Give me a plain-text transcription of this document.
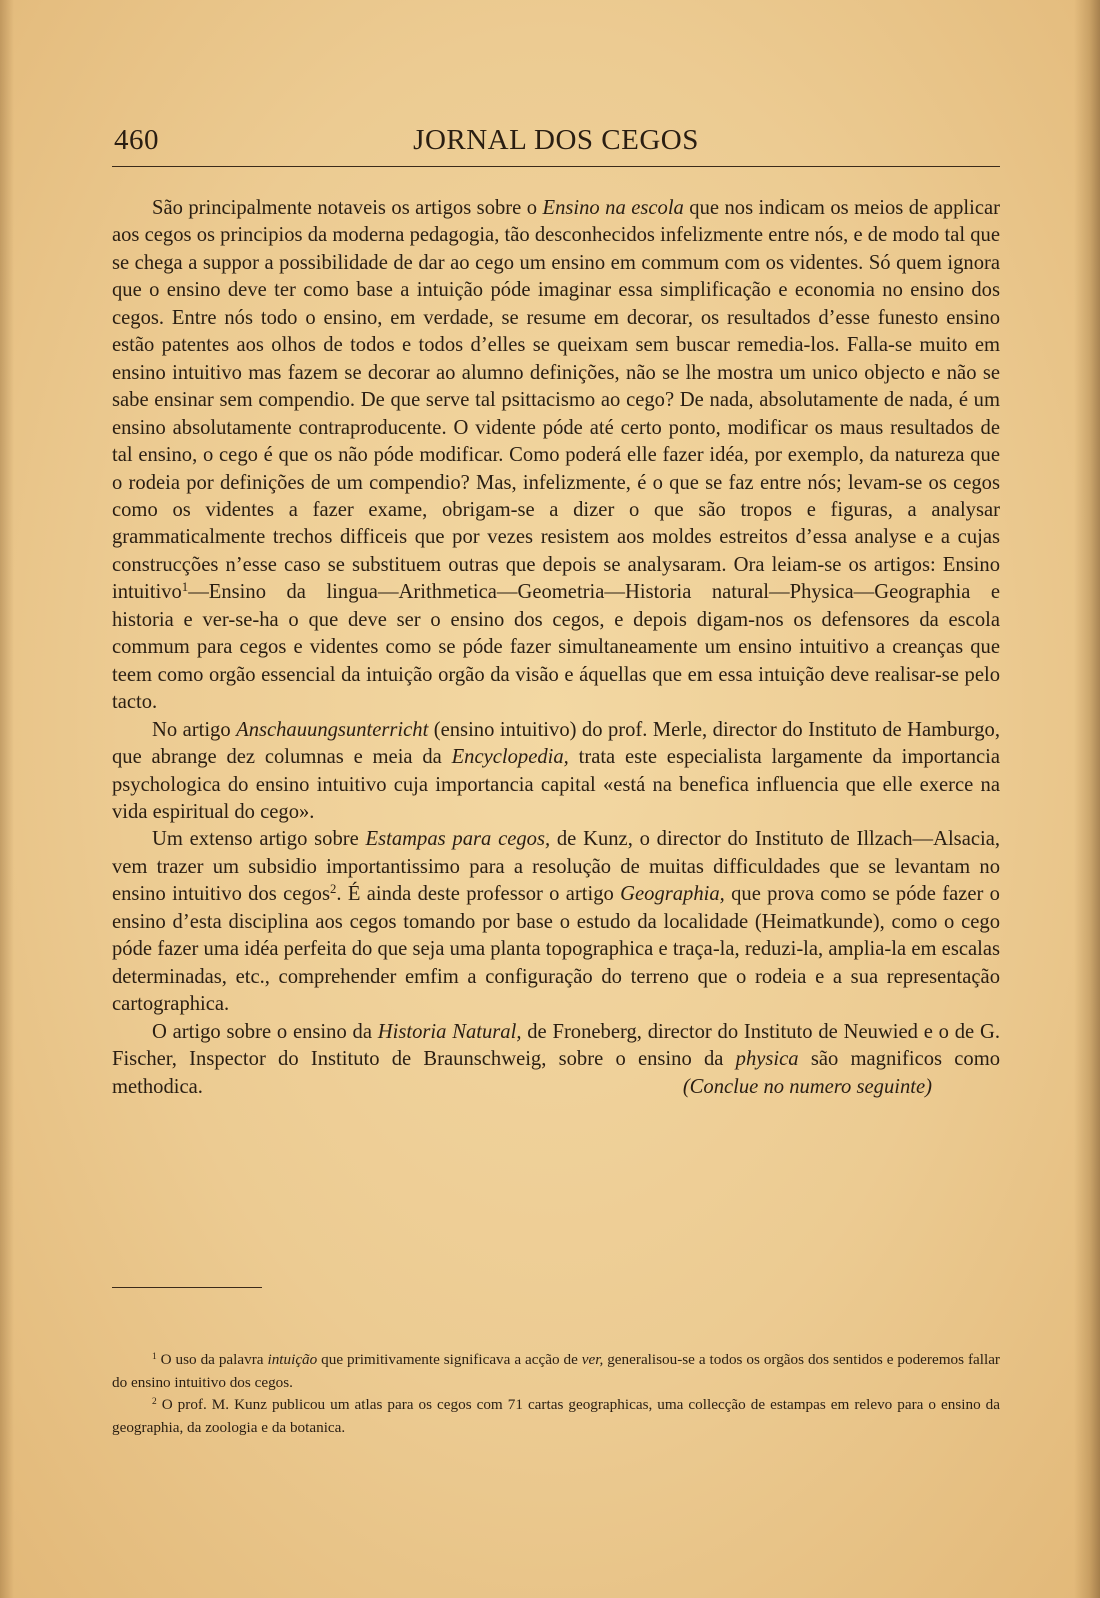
460	JORNAL DOS CEGOS

São principalmente notaveis os artigos sobre o Ensino na escola que nos indicam os meios de applicar aos cegos os principios da moderna pedagogia, tão desconhecidos infelizmente entre nós, e de modo tal que se chega a suppor a possibilidade de dar ao cego um ensino em commum com os videntes. Só quem ignora que o ensino deve ter como base a intuição póde imaginar essa simplificação e economia no ensino dos cegos. Entre nós todo o ensino, em verdade, se resume em decorar, os resultados d’esse funesto ensino estão patentes aos olhos de todos e todos d’elles se queixam sem buscar remedia-los. Falla-se muito em ensino intuitivo mas fazem se decorar ao alumno definições, não se lhe mostra um unico objecto e não se sabe ensinar sem compendio. De que serve tal psittacismo ao cego? De nada, absolutamente de nada, é um ensino absolutamente contraproducente. O vidente póde até certo ponto, modificar os maus resultados de tal ensino, o cego é que os não póde modificar. Como poderá elle fazer idéa, por exemplo, da natureza que o rodeia por definições de um compendio? Mas, infelizmente, é o que se faz entre nós; levam-se os cegos como os videntes a fazer exame, obrigam-se a dizer o que são tropos e figuras, a analysar grammaticalmente trechos difficeis que por vezes resistem aos moldes estreitos d’essa analyse e a cujas construcções n’esse caso se substituem outras que depois se analysaram. Ora leiam-se os artigos: Ensino intuitivo$^1$—Ensino da lingua—Arithmetica—Geometria—Historia natural—Physica—Geographia e historia e ver-se-ha o que deve ser o ensino dos cegos, e depois digam-nos os defensores da escola commum para cegos e videntes como se póde fazer simultaneamente um ensino intuitivo a creanças que teem como orgão essencial da intuição orgão da visão e áquellas que em essa intuição deve realisar-se pelo tacto.

No artigo Anschauungsunterricht (ensino intuitivo) do prof. Merle, director do Instituto de Hamburgo, que abrange dez columnas e meia da Encyclopedia, trata este especialista largamente da importancia psychologica do ensino intuitivo cuja importancia capital «está na benefica influencia que elle exerce na vida espiritual do cego».

Um extenso artigo sobre Estampas para cegos, de Kunz, o director do Instituto de Illzach—Alsacia, vem trazer um subsidio importantissimo para a resolução de muitas difficuldades que se levantam no ensino intuitivo dos cegos$^2$. É ainda deste professor o artigo Geographia, que prova como se póde fazer o ensino d’esta disciplina aos cegos tomando por base o estudo da localidade (Heimatkunde), como o cego póde fazer uma idéa perfeita do que seja uma planta topographica e traça-la, reduzi-la, amplia-la em escalas determinadas, etc., comprehender emfim a configuração do terreno que o rodeia e a sua representação cartographica.

O artigo sobre o ensino da Historia Natural, de Froneberg, director do Instituto de Neuwied e o de G. Fischer, Inspector do Instituto de Braunschweig, sobre o ensino da physica são magnificos como methodica.	(Conclue no numero seguinte)

$^1$ O uso da palavra intuição que primitivamente significava a acção de ver, generalisou-se a todos os orgãos dos sentidos e poderemos fallar do ensino intuitivo dos cegos.

$^2$ O prof. M. Kunz publicou um atlas para os cegos com 71 cartas geographicas, uma collecção de estampas em relevo para o ensino da geographia, da zoologia e da botanica.
